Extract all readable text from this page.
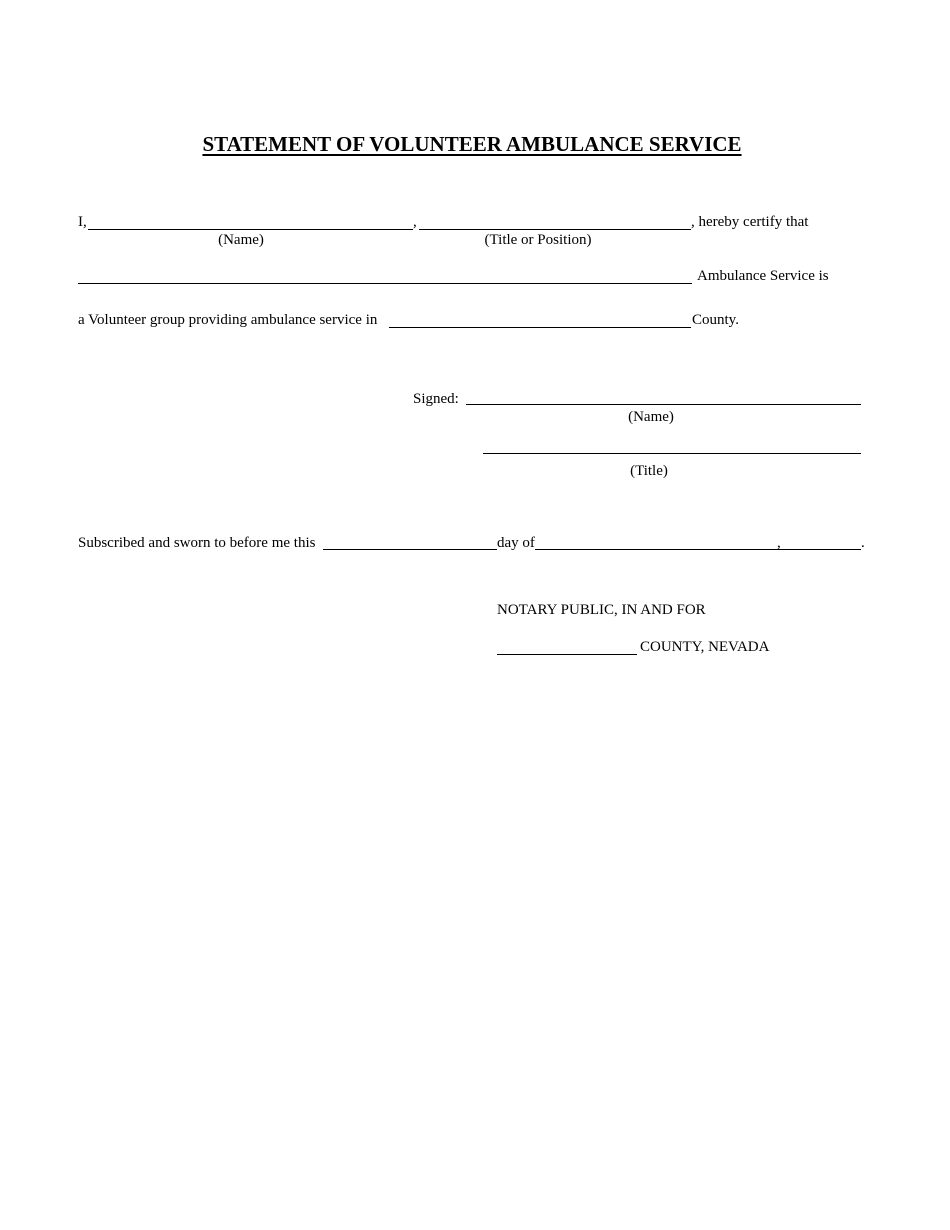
STATEMENT OF VOLUNTEER AMBULANCE SERVICE
I,	,	, hereby certify that
(Name)	(Title or Position)
Ambulance Service is
a Volunteer group providing ambulance service in	County.
Signed:
(Name)
(Title)
Subscribed and sworn to before me this	day of	,	.
NOTARY PUBLIC, IN AND FOR
COUNTY, NEVADA
